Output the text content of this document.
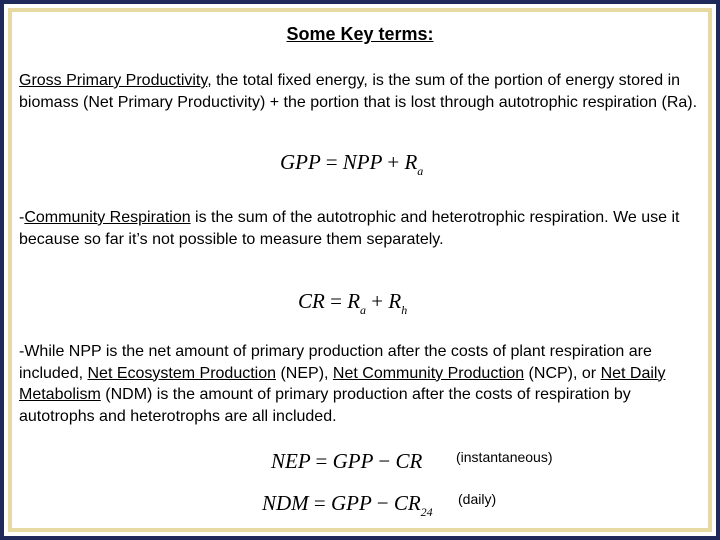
Some Key terms:
Gross Primary Productivity, the total fixed energy, is the sum of the portion of energy stored in biomass (Net Primary Productivity) + the portion that is lost through autotrophic respiration (Ra).
GPP = NPP + $R_a$
-Community Respiration is the sum of the autotrophic and heterotrophic respiration. We use it because so far it’s not possible to measure them separately.
CR = $R_a + R_h$
-While NPP is the net amount of primary production after the costs of plant respiration are included, Net Ecosystem Production (NEP), Net Community Production (NCP), or Net Daily Metabolism (NDM) is the amount of primary production after the costs of respiration by autotrophs and heterotrophs are all included.
NEP = GPP − CR (instantaneous)
NDM = GPP − $CR_{24}$
(daily)
